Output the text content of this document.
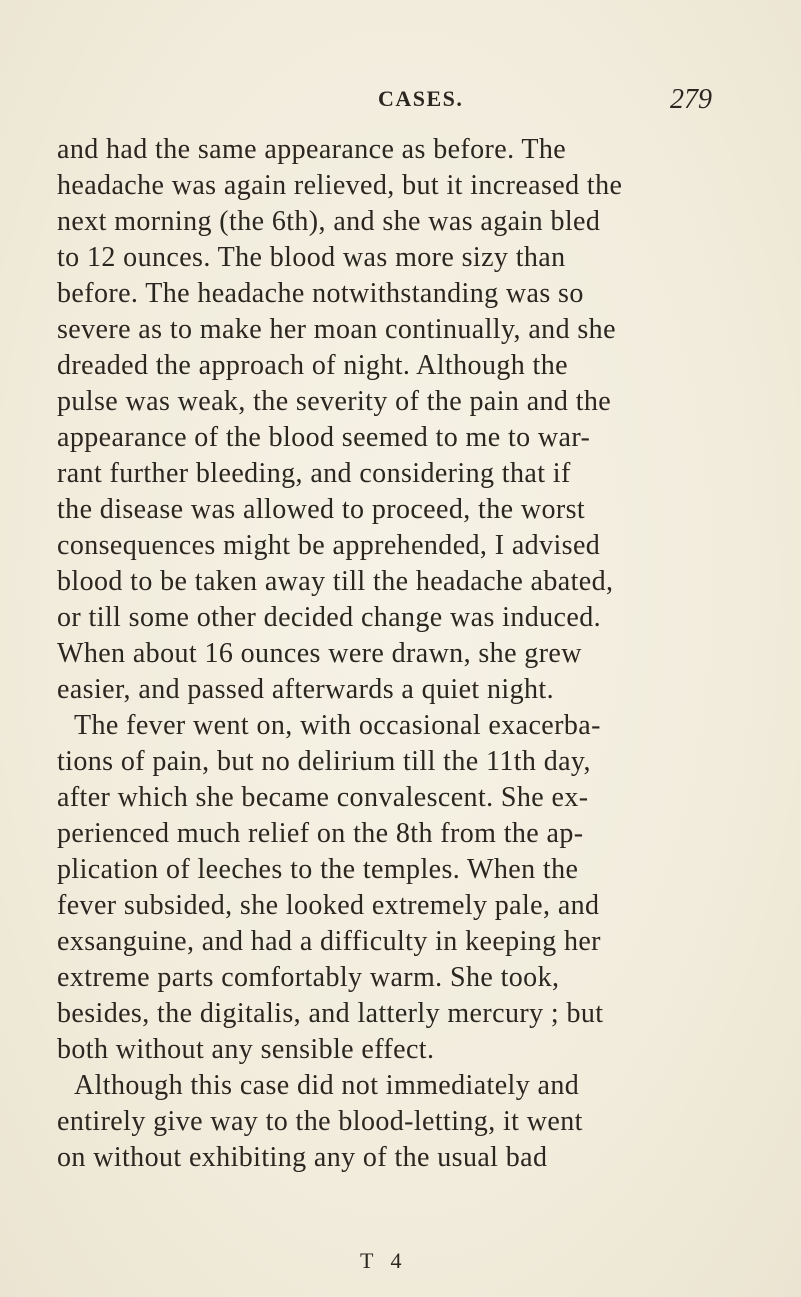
CASES.	279
and had the same appearance as before. The
headache was again relieved, but it increased the
next morning (the 6th), and she was again bled
to 12 ounces. The blood was more sizy than
before. The headache notwithstanding was so
severe as to make her moan continually, and she
dreaded the approach of night. Although the
pulse was weak, the severity of the pain and the
appearance of the blood seemed to me to war-
rant further bleeding, and considering that if
the disease was allowed to proceed, the worst
consequences might be apprehended, I advised
blood to be taken away till the headache abated,
or till some other decided change was induced.
When about 16 ounces were drawn, she grew
easier, and passed afterwards a quiet night.
The fever went on, with occasional exacerba-
tions of pain, but no delirium till the 11th day,
after which she became convalescent. She ex-
perienced much relief on the 8th from the ap-
plication of leeches to the temples. When the
fever subsided, she looked extremely pale, and
exsanguine, and had a difficulty in keeping her
extreme parts comfortably warm. She took,
besides, the digitalis, and latterly mercury ; but
both without any sensible effect.
Although this case did not immediately and
entirely give way to the blood-letting, it went
on without exhibiting any of the usual bad
T 4
